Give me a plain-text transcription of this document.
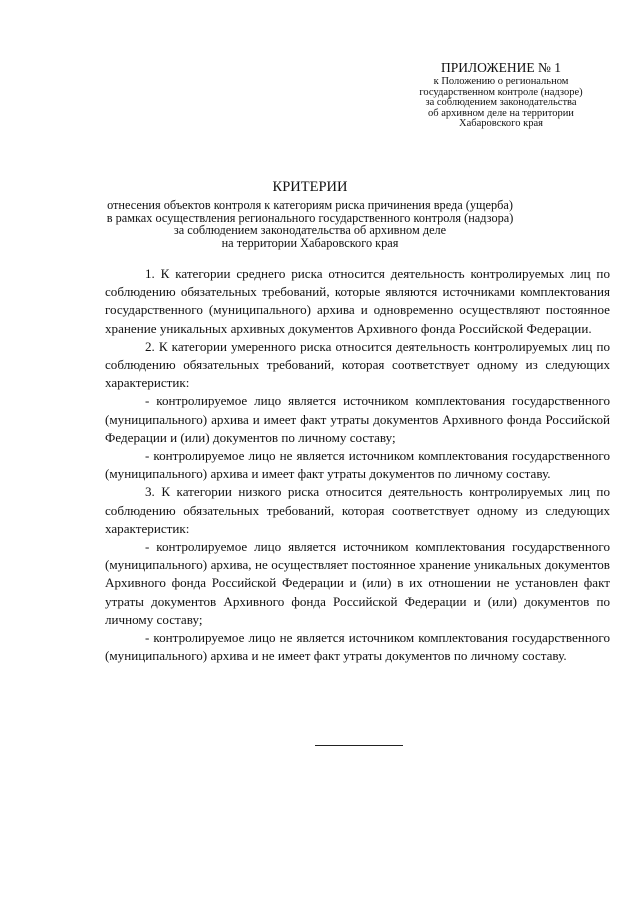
ПРИЛОЖЕНИЕ № 1
к Положению о региональном
государственном контроле (надзоре)
за соблюдением законодательства
об архивном деле на территории
Хабаровского края
КРИТЕРИИ
отнесения объектов контроля к категориям риска причинения вреда (ущерба)
в рамках осуществления регионального государственного контроля (надзора)
за соблюдением законодательства об архивном деле
на территории Хабаровского края

1. К категории среднего риска относится деятельность контролируемых лиц по соблюдению обязательных требований, которые являются источниками комплектования государственного (муниципального) архива и одновременно осуществляют постоянное хранение уникальных архивных документов Архивного фонда Российской Федерации.

2. К категории умеренного риска относится деятельность контролируемых лиц по соблюдению обязательных требований, которая соответствует одному из следующих характеристик:

- контролируемое лицо является источником комплектования государственного (муниципального) архива и имеет факт утраты документов Архивного фонда Российской Федерации и (или) документов по личному составу;

- контролируемое лицо не является источником комплектования государственного (муниципального) архива и имеет факт утраты документов по личному составу.

3. К категории низкого риска относится деятельность контролируемых лиц по соблюдению обязательных требований, которая соответствует одному из следующих характеристик:

- контролируемое лицо является источником комплектования государственного (муниципального) архива, не осуществляет постоянное хранение уникальных документов Архивного фонда Российской Федерации и (или) в их отношении не установлен факт утраты документов Архивного фонда Российской Федерации и (или) документов по личному составу;

- контролируемое лицо не является источником комплектования государственного (муниципального) архива и не имеет факт утраты документов по личному составу.
